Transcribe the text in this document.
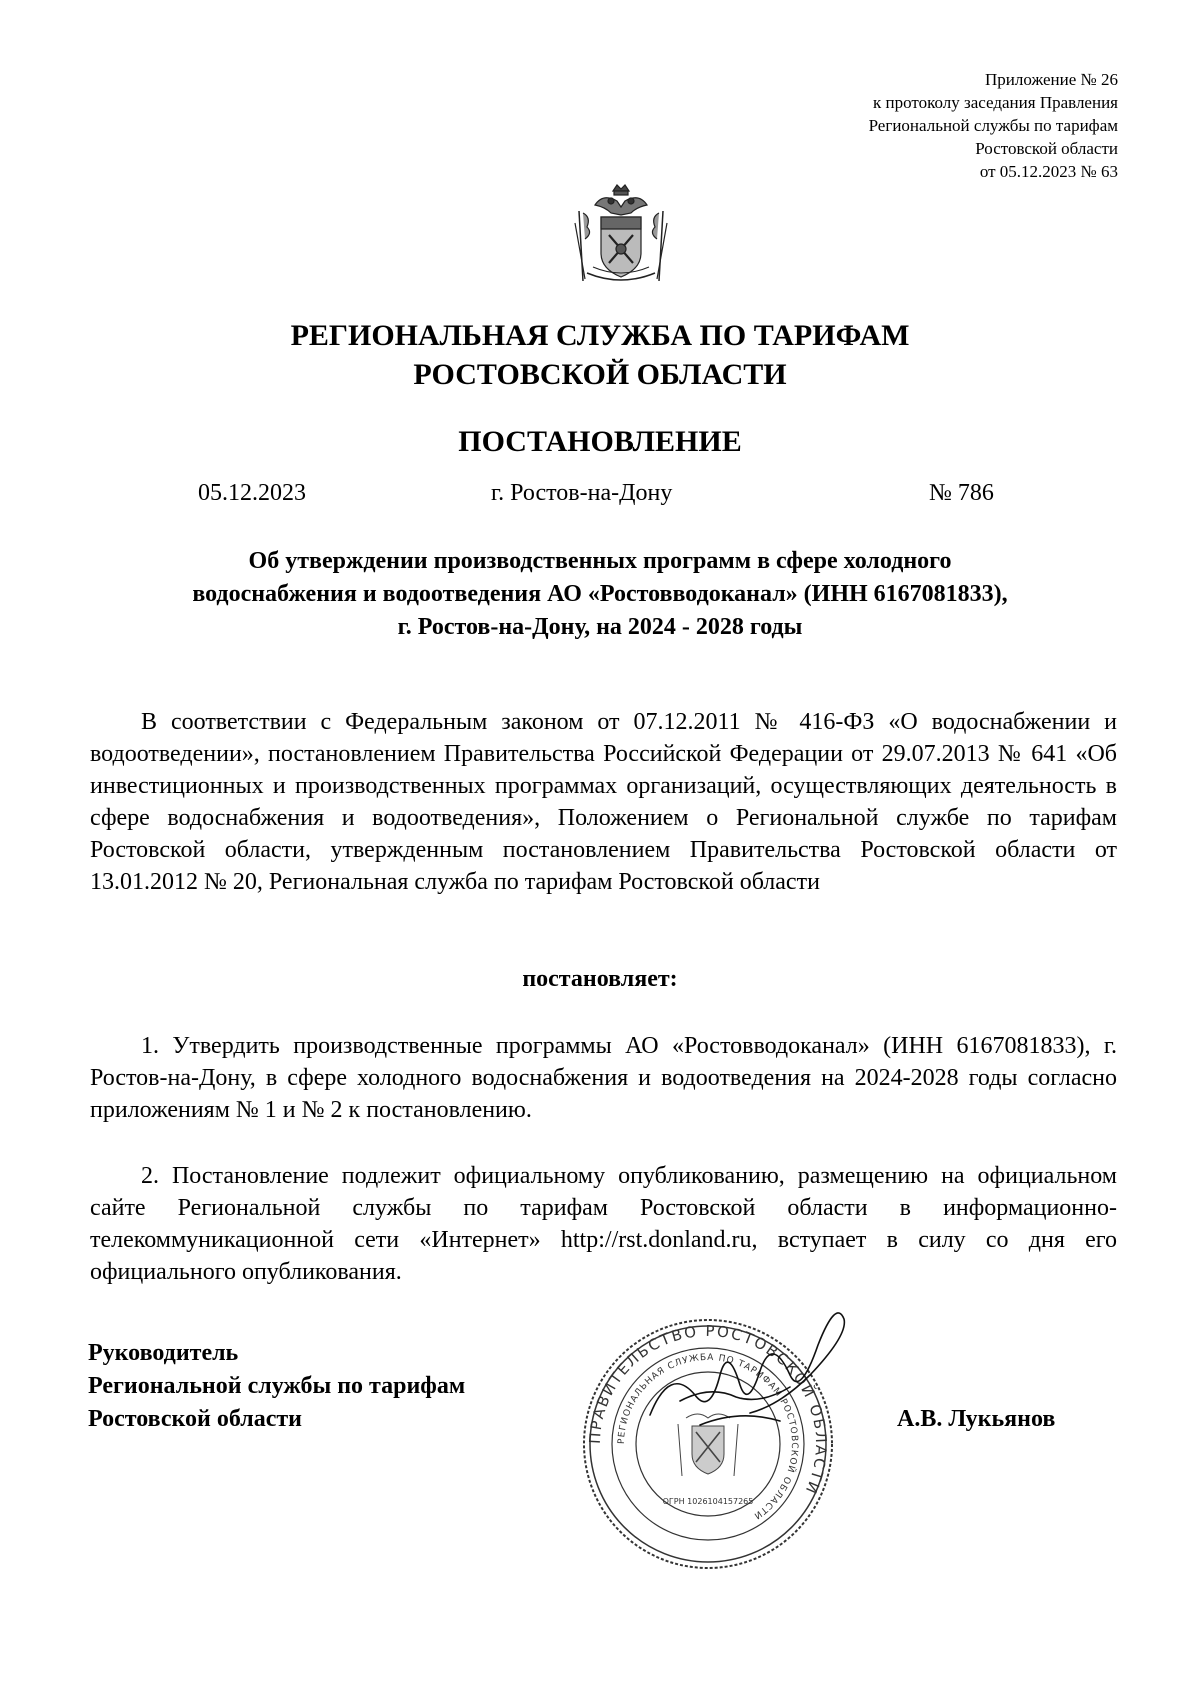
Приложение № 26
к протоколу заседания Правления
Региональной службы по тарифам
Ростовской области
от 05.12.2023 № 63
РЕГИОНАЛЬНАЯ СЛУЖБА ПО ТАРИФАМ
РОСТОВСКОЙ ОБЛАСТИ
ПОСТАНОВЛЕНИЕ
05.12.2023	г. Ростов-на-Дону	№ 786
Об утверждении производственных программ в сфере холодного
водоснабжения и водоотведения АО «Ростовводоканал» (ИНН 6167081833),
г. Ростов-на-Дону, на 2024 - 2028 годы
В соответствии с Федеральным законом от 07.12.2011 № 416-ФЗ «О водоснабжении и водоотведении», постановлением Правительства Российской Федерации от 29.07.2013 № 641 «Об инвестиционных и производственных программах организаций, осуществляющих деятельность в сфере водоснабжения и водоотведения», Положением о Региональной службе по тарифам Ростовской области, утвержденным постановлением Правительства Ростовской области от 13.01.2012 № 20, Региональная служба по тарифам Ростовской области
постановляет:
1. Утвердить производственные программы АО «Ростовводоканал» (ИНН 6167081833), г. Ростов-на-Дону, в сфере холодного водоснабжения и водоотведения на 2024-2028 годы согласно приложениям № 1 и № 2 к постановлению.
2. Постановление подлежит официальному опубликованию, размещению на официальном сайте Региональной службы по тарифам Ростовской области в информационно-телекоммуникационной сети «Интернет» http://rst.donland.ru, вступает в силу со дня его официального опубликования.
Руководитель
Региональной службы по тарифам
Ростовской области
ПРАВИТЕЛЬСТВО РОСТОВСКОЙ ОБЛАСТИ
РЕГИОНАЛЬНАЯ СЛУЖБА ПО ТАРИФАМ РОСТОВСКОЙ ОБЛАСТИ
ОГРН 1026104157265
А.В. Лукьянов
